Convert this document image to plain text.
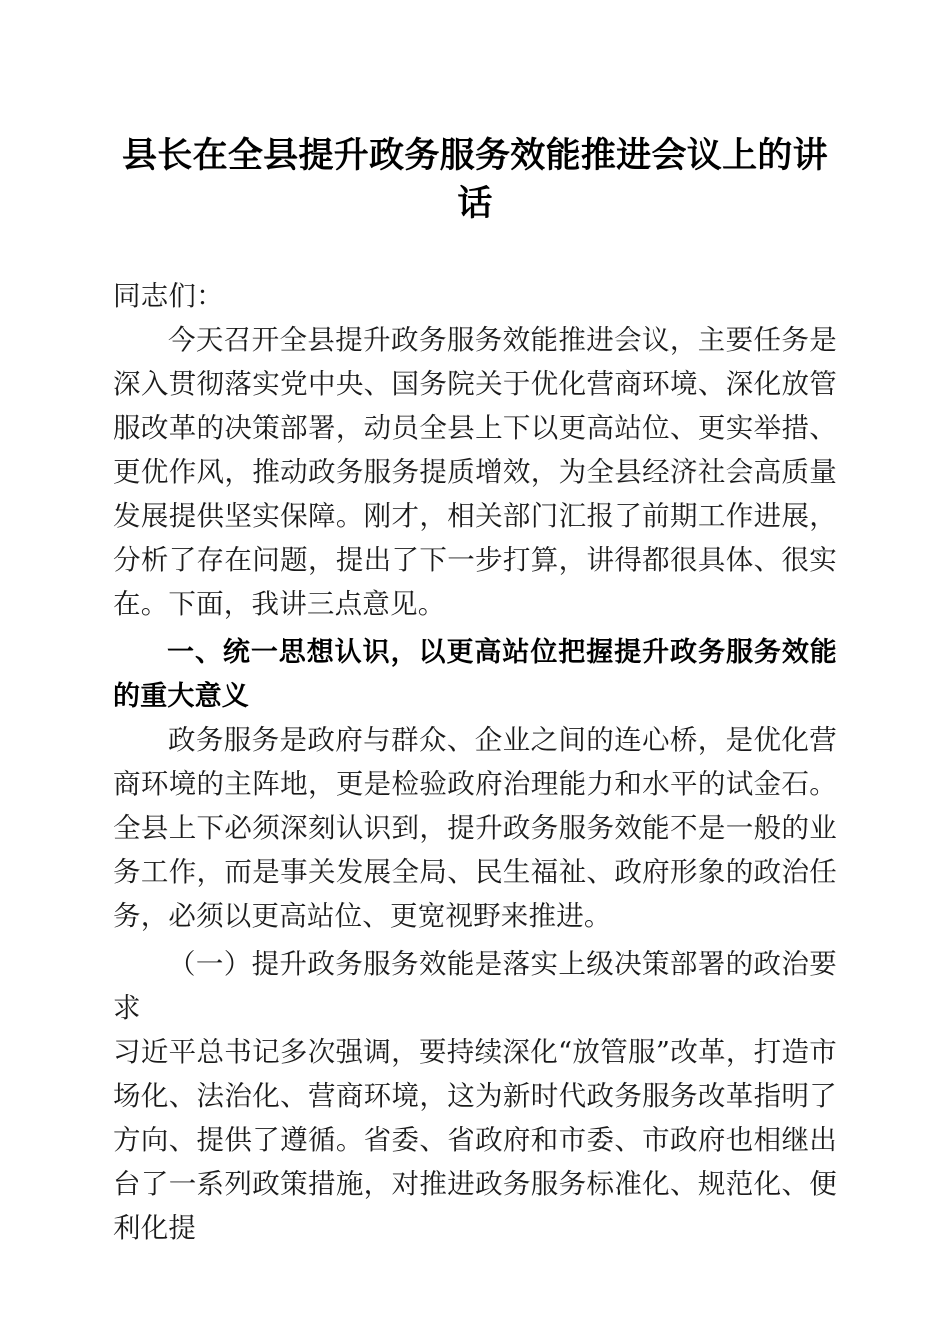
县长在全县提升政务服务效能推进会议上的讲话

同志们：

今天召开全县提升政务服务效能推进会议，主要任务是深入贯彻落实党中央、国务院关于优化营商环境、深化放管服改革的决策部署，动员全县上下以更高站位、更实举措、更优作风，推动政务服务提质增效，为全县经济社会高质量发展提供坚实保障。刚才，相关部门汇报了前期工作进展，分析了存在问题，提出了下一步打算，讲得都很具体、很实在。下面，我讲三点意见。

一、统一思想认识，以更高站位把握提升政务服务效能的重大意义

政务服务是政府与群众、企业之间的连心桥，是优化营商环境的主阵地，更是检验政府治理能力和水平的试金石。全县上下必须深刻认识到，提升政务服务效能不是一般的业务工作，而是事关发展全局、民生福祉、政府形象的政治任务，必须以更高站位、更宽视野来推进。

（一）提升政务服务效能是落实上级决策部署的政治要求

习近平总书记多次强调，要持续深化“放管服”改革，打造市场化、法治化、营商环境，这为新时代政务服务改革指明了方向、提供了遵循。省委、省政府和市委、市政府也相继出台了一系列政策措施，对推进政务服务标准化、规范化、便利化提
